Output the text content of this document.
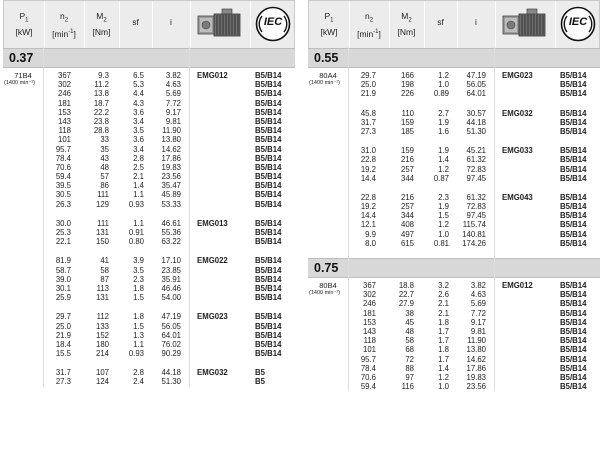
$P_1$
[kW]
$n_2$
$[\min^{-1}]$
$M_2$
[Nm]
sf	i	IEC
0.37
71B4
(1400 min⁻¹)
367	9.3	6.5	3.82 EMG012	B5/B14
302	11.2	5.3	4.63	B5/B14
246	13.8	4.4	5.69	B5/B14
181	18.7	4.3	7.72	B5/B14
153	22.2	3.6	9.17	B5/B14
143	23.8	3.4	9.81	B5/B14
118	28.8	3.5	11.90	B5/B14
101	33	3.6	13.80	B5/B14
95.7	35	3.4	14.62	B5/B14
78.4	43	2.8	17.86	B5/B14
70.6	48	2.5	19.83	B5/B14
59.4	57	2.1	23.56	B5/B14
39.5	86	1.4	35.47	B5/B14
30.5	111	1.1	45.89	B5/B14
26.3	129	0.93	53.33	B5/B14
30.0	111	1.1	46.61 EMG013	B5/B14
25.3	131	0.91	55.36	B5/B14
22.1	150	0.80	63.22	B5/B14
81.9	41	3.9	17.10 EMG022	B5/B14
58.7	58	3.5	23.85	B5/B14
39.0	87	2.3	35.91	B5/B14
30.1	113	1.8	46.46	B5/B14
25.9	131	1.5	54.00	B5/B14
29.7	112	1.8	47.19 EMG023	B5/B14
25.0	133	1.5	56.05	B5/B14
21.9	152	1.3	64.01	B5/B14
18.4	180	1.1	76.02	B5/B14
15.5	214	0.93	90.29	B5/B14
31.7	107	2.8	44.18 EMG032	B5
27.3	124	2.4	51.30	B5
$P_1$
[kW]
$n_2$
$[\min^{-1}]$
$M_2$
[Nm]
sf	i	IEC
0.55
80A4
(1400 min⁻¹)
29.7	166	1.2	47.19 EMG023	B5/B14
25.0	198	1.0	56.05	B5/B14
21.9	226	0.89	64.01	B5/B14
45.8	110	2.7	30.57 EMG032	B5/B14
31.7	159	1.9	44.18	B5/B14
27.3	185	1.6	51.30	B5/B14
31.0	159	1.9	45.21 EMG033	B5/B14
22.8	216	1.4	61.32	B5/B14
19.2	257	1.2	72.83	B5/B14
14.4	344	0.87	97.45	B5/B14
22.8	216	2.3	61.32 EMG043	B5/B14
19.2	257	1.9	72.83	B5/B14
14.4	344	1.5	97.45	B5/B14
12.1	408	1.2	115.74	B5/B14
9.9	497	1.0	140.81	B5/B14
8.0	615	0.81	174.26	B5/B14
0.75
80B4
(1400 min⁻¹)
367	18.8	3.2	3.82 EMG012	B5/B14
302	22.7	2.6	4.63	B5/B14
246	27.9	2.1	5.69	B5/B14
181	38	2.1	7.72	B5/B14
153	45	1.8	9.17	B5/B14
143	48	1.7	9.81	B5/B14
118	58	1.7	11.90	B5/B14
101	68	1.8	13.80	B5/B14
95.7	72	1.7	14.62	B5/B14
78.4	88	1.4	17.86	B5/B14
70.6	97	1.2	19.83	B5/B14
59.4	116	1.0	23.56	B5/B14
